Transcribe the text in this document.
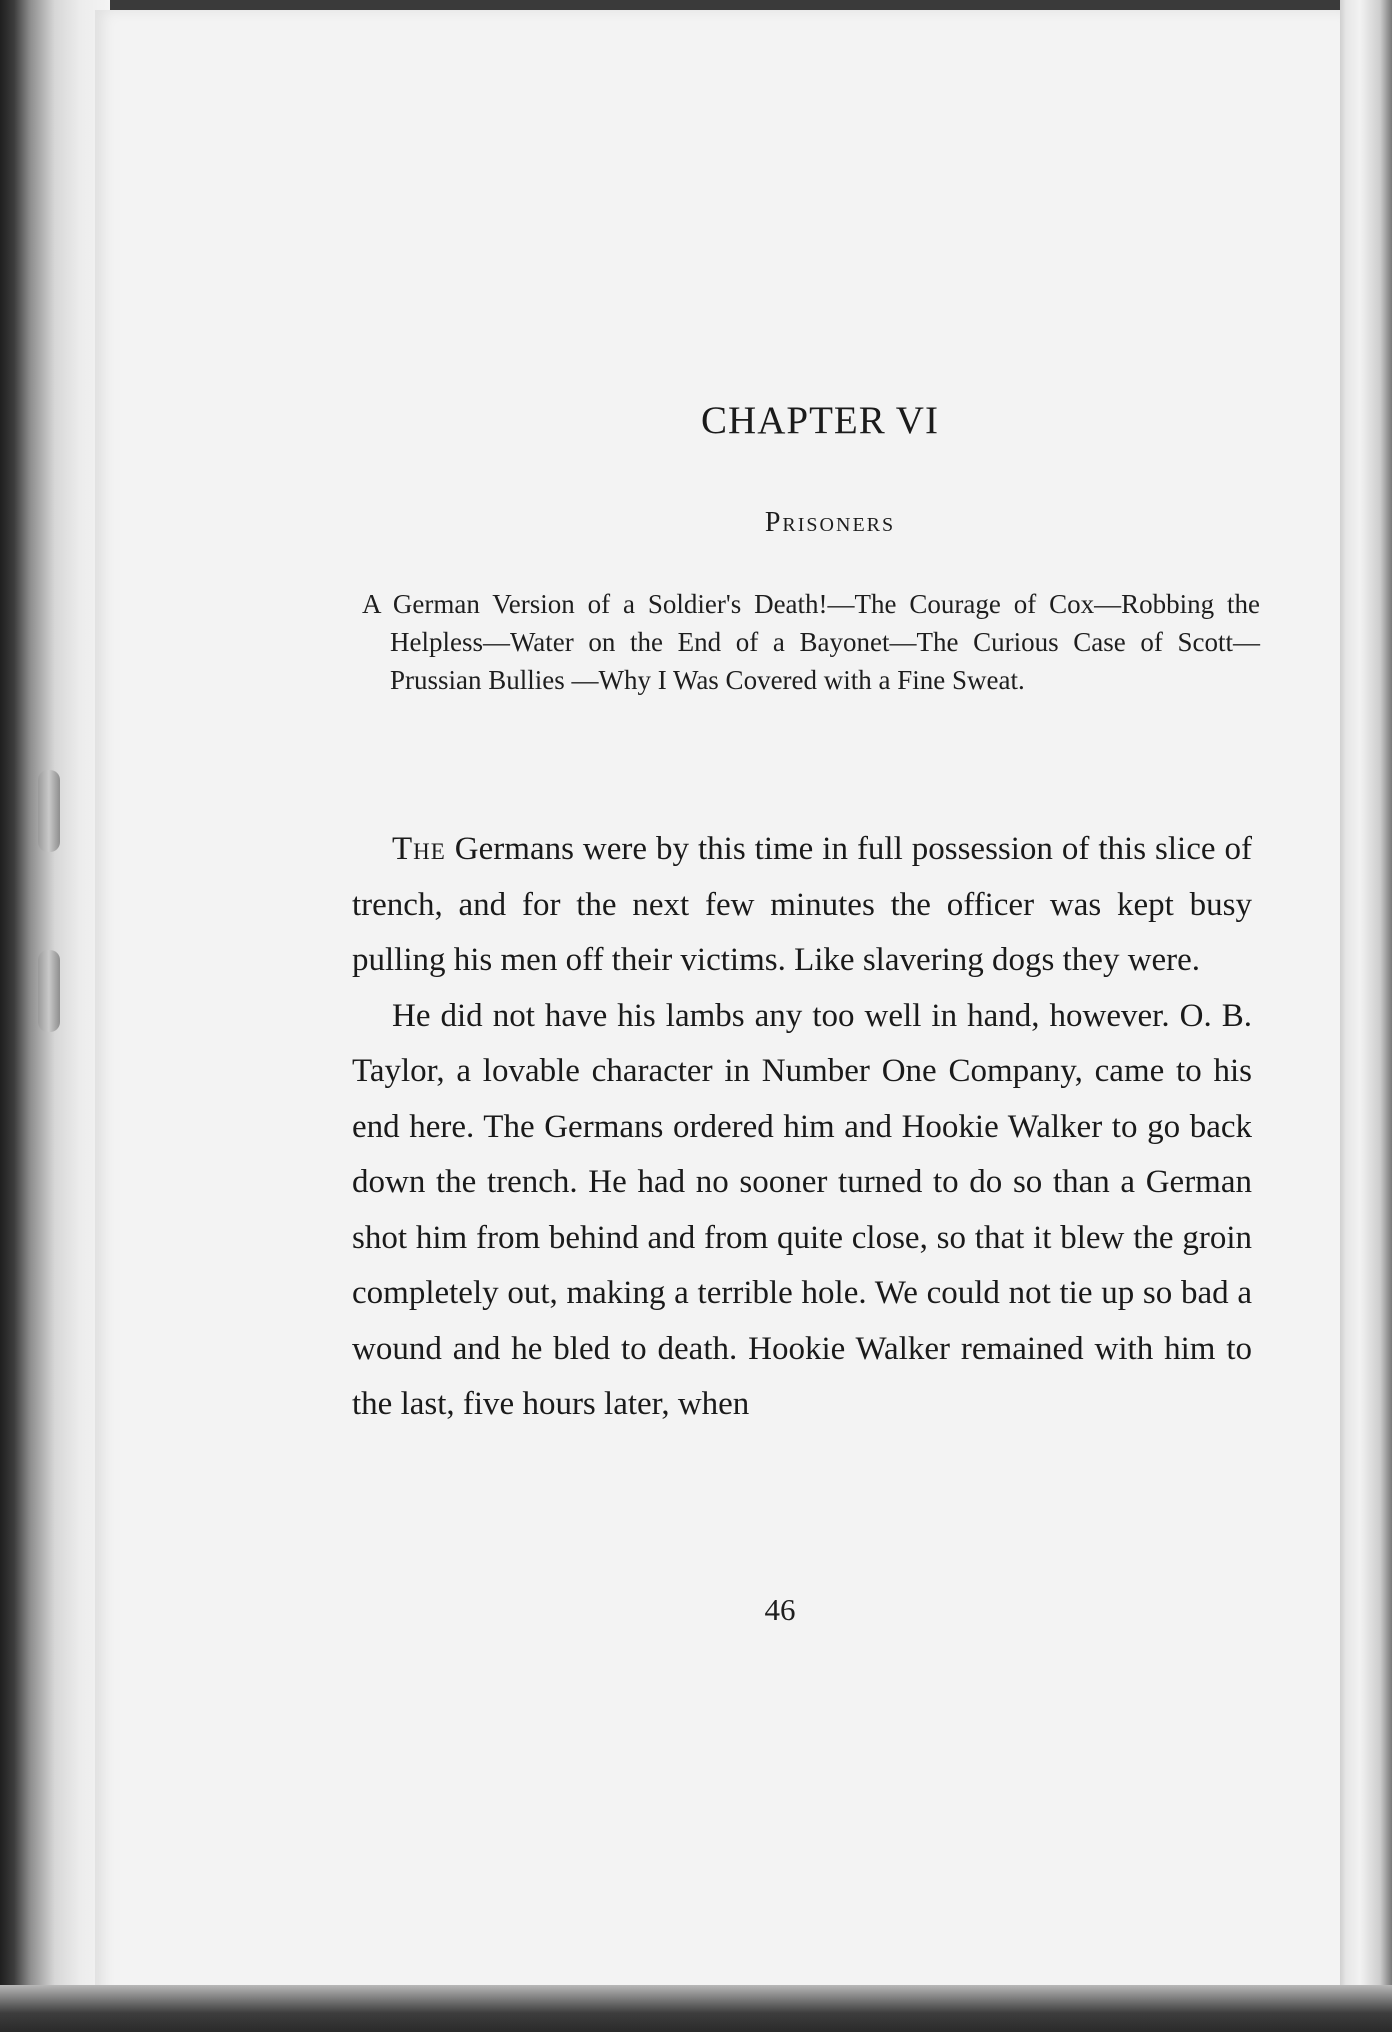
CHAPTER VI
Prisoners
A German Version of a Soldier's Death!—The Courage of Cox—Robbing the Helpless—Water on the End of a Bayonet—The Curious Case of Scott—Prussian Bullies —Why I Was Covered with a Fine Sweat.

The Germans were by this time in full possession of this slice of trench, and for the next few minutes the officer was kept busy pulling his men off their victims. Like slavering dogs they were.

He did not have his lambs any too well in hand, however. O. B. Taylor, a lovable character in Number One Company, came to his end here. The Germans ordered him and Hookie Walker to go back down the trench. He had no sooner turned to do so than a German shot him from behind and from quite close, so that it blew the groin completely out, making a terrible hole. We could not tie up so bad a wound and he bled to death. Hookie Walker remained with him to the last, five hours later, when

46
